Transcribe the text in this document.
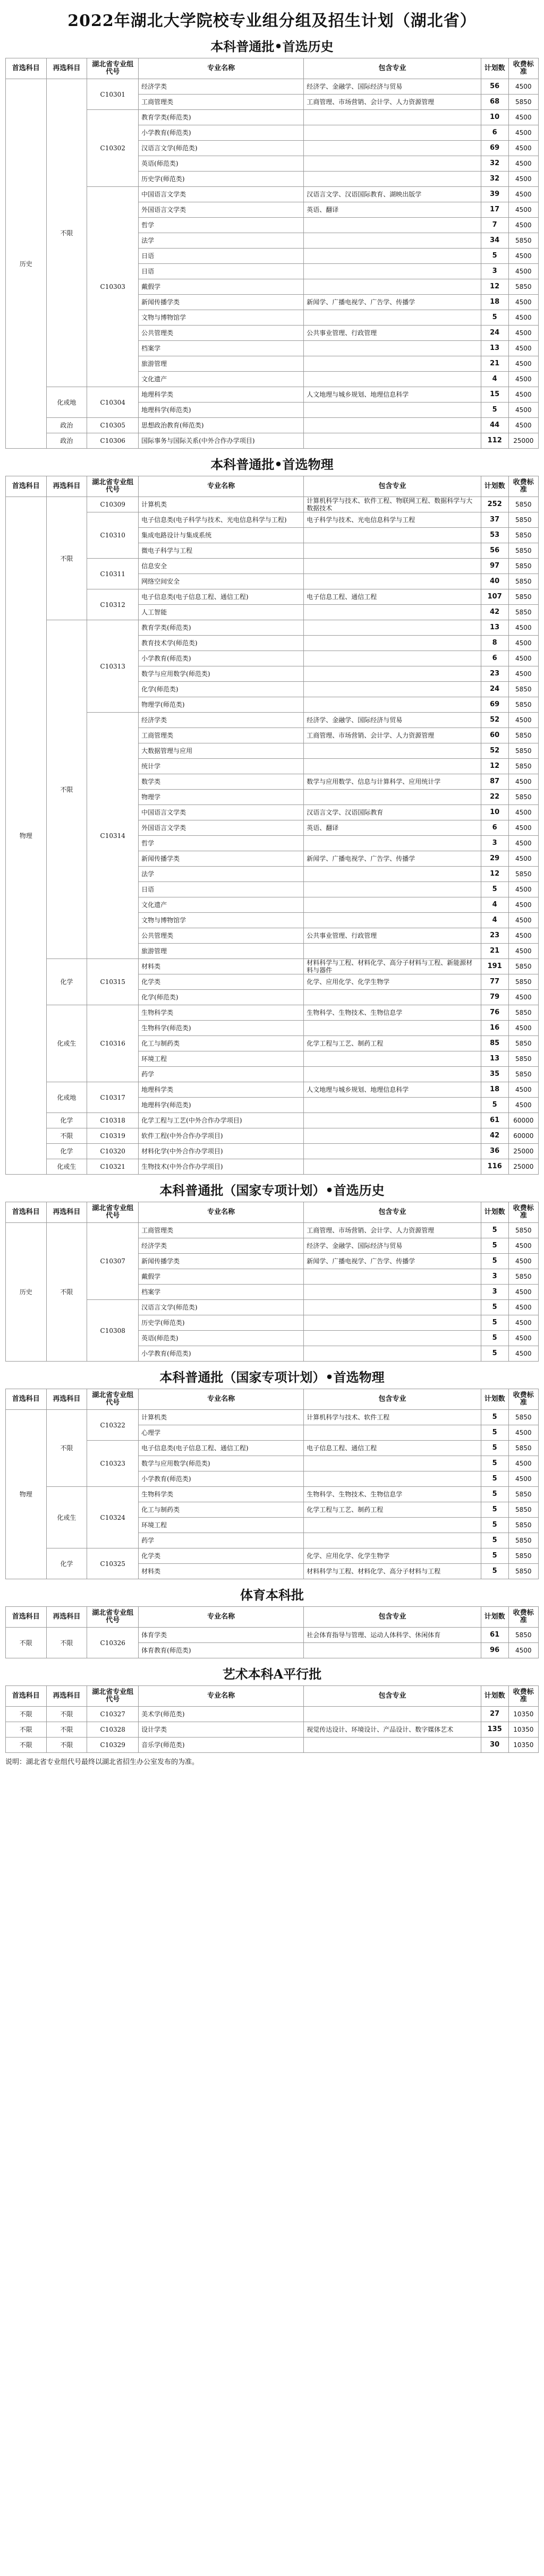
2022年湖北大学院校专业组分组及招生计划（湖北省）
本科普通批•首选历史
首选科目	再选科目	湖北省专业组代号	专业名称	包含专业	计划数	收费标准
历史	不限	C10301	经济学类	经济学、金融学、国际经济与贸易	56	4500
			工商管理类	工商管理、市场营销、会计学、人力资源管理	68	5850
		C10302	教育学类(师范类)		10	4500
			小学教育(师范类)		6	4500
			汉语言文学(师范类)		69	4500
			英语(师范类)		32	4500
			历史学(师范类)		32	4500
		C10303	中国语言文学类	汉语言文学、汉语国际教育、湖映出版学	39	4500
			外国语言文学类	英语、翻译	17	4500
			哲学		7	4500
			法学		34	5850
			日语		5	4500
			日语		3	4500
			戴假学		12	5850
			新闻传播学类	新闻学、广播电视学、广告学、传播学	18	4500
			文物与博物馆学		5	4500
			公共管理类	公共事业管理、行政管理	24	4500
			档案学		13	4500
			旅游管理		21	4500
			文化遗产		4	4500
	化或地	C10304	地理科学类	人文地理与城乡规划、地理信息科学	15	4500
			地理科学(师范类)		5	4500
	政治	C10305	思想政治教育(师范类)		44	4500
	政治	C10306	国际事务与国际关系(中外合作办学项目)		112	25000
本科普通批•首选物理
首选科目	再选科目	湖北省专业组代号	专业名称	包含专业	计划数	收费标准
物理	不限	C10309	计算机类	计算机科学与技术、软件工程、物联网工程、数据科学与大数据技术	252	5850
		C10310	电子信息类(电子科学与技术、光电信息科学与工程)	电子科学与技术、光电信息科学与工程	37	5850
			集成电路设计与集成系统		53	5850
			微电子科学与工程		56	5850
		C10311	信息安全		97	5850
			网络空间安全		40	5850
		C10312	电子信息类(电子信息工程、通信工程)	电子信息工程、通信工程	107	5850
			人工智能		42	5850
	不限	C10313	教育学类(师范类)		13	4500
			教育技术学(师范类)		8	4500
			小学教育(师范类)		6	4500
			数学与应用数学(师范类)		23	4500
			化学(师范类)		24	5850
			物理学(师范类)		69	5850
		C10314	经济学类	经济学、金融学、国际经济与贸易	52	4500
			工商管理类	工商管理、市场营销、会计学、人力资源管理	60	5850
			大数据管理与应用		52	5850
			统计学		12	5850
			数学类	数学与应用数学、信息与计算科学、应用统计学	87	4500
			物理学		22	5850
			中国语言文学类	汉语言文学、汉语国际教育	10	4500
			外国语言文学类	英语、翻译	6	4500
			哲学		3	4500
			新闻传播学类	新闻学、广播电视学、广告学、传播学	29	4500
			法学		12	5850
			日语		5	4500
			文化遗产		4	4500
			文物与博物馆学		4	4500
			公共管理类	公共事业管理、行政管理	23	4500
			旅游管理		21	4500
	化学	C10315	材料类	材料科学与工程、材料化学、高分子材料与工程、新能源材料与器件	191	5850
			化学类	化学、应用化学、化学生物学	77	5850
			化学(师范类)		79	4500
	化或生	C10316	生物科学类	生物科学、生物技术、生物信息学	76	5850
			生物科学(师范类)		16	4500
			化工与制药类	化学工程与工艺、制药工程	85	5850
			环境工程		13	5850
			药学		35	5850
	化或地	C10317	地理科学类	人文地理与城乡规划、地理信息科学	18	4500
			地理科学(师范类)		5	4500
	化学	C10318	化学工程与工艺(中外合作办学项目)		61	60000
	不限	C10319	软件工程(中外合作办学项目)		42	60000
	化学	C10320	材料化学(中外合作办学项目)		36	25000
	化或生	C10321	生物技术(中外合作办学项目)		116	25000
本科普通批（国家专项计划）•首选历史
首选科目	再选科目	湖北省专业组代号	专业名称	包含专业	计划数	收费标准
历史	不限	C10307	工商管理类	工商管理、市场营销、会计学、人力资源管理	5	5850
			经济学类	经济学、金融学、国际经济与贸易	5	4500
			新闻传播学类	新闻学、广播电视学、广告学、传播学	5	4500
			戴假学		3	5850
			档案学		3	4500
		C10308	汉语言文学(师范类)		5	4500
			历史学(师范类)		5	4500
			英语(师范类)		5	4500
			小学教育(师范类)		5	4500
本科普通批（国家专项计划）•首选物理
首选科目	再选科目	湖北省专业组代号	专业名称	包含专业	计划数	收费标准
物理	不限	C10322	计算机类	计算机科学与技术、软件工程	5	5850
			心理学		5	4500
		C10323	电子信息类(电子信息工程、通信工程)	电子信息工程、通信工程	5	5850
			数学与应用数学(师范类)		5	4500
			小学教育(师范类)		5	4500
	化或生	C10324	生物科学类	生物科学、生物技术、生物信息学	5	5850
			化工与制药类	化学工程与工艺、制药工程	5	5850
			环境工程		5	5850
			药学		5	5850
	化学	C10325	化学类	化学、应用化学、化学生物学	5	5850
			材料类	材料科学与工程、材料化学、高分子材料与工程	5	5850
体育本科批
首选科目	再选科目	湖北省专业组代号	专业名称	包含专业	计划数	收费标准
不限	不限	C10326	体育学类	社会体育指导与管理、运动人体科学、休闲体育	61	5850
			体育教育(师范类)		96	4500
艺术本科A平行批
首选科目	再选科目	湖北省专业组代号	专业名称	包含专业	计划数	收费标准
不限	不限	C10327	美术学(师范类)		27	10350
不限	不限	C10328	设计学类	视觉传达设计、环境设计、产品设计、数字媒体艺术	135	10350
不限	不限	C10329	音乐学(师范类)		30	10350
说明：湖北省专业组代号最终以湖北省招生办公室发布的为准。
